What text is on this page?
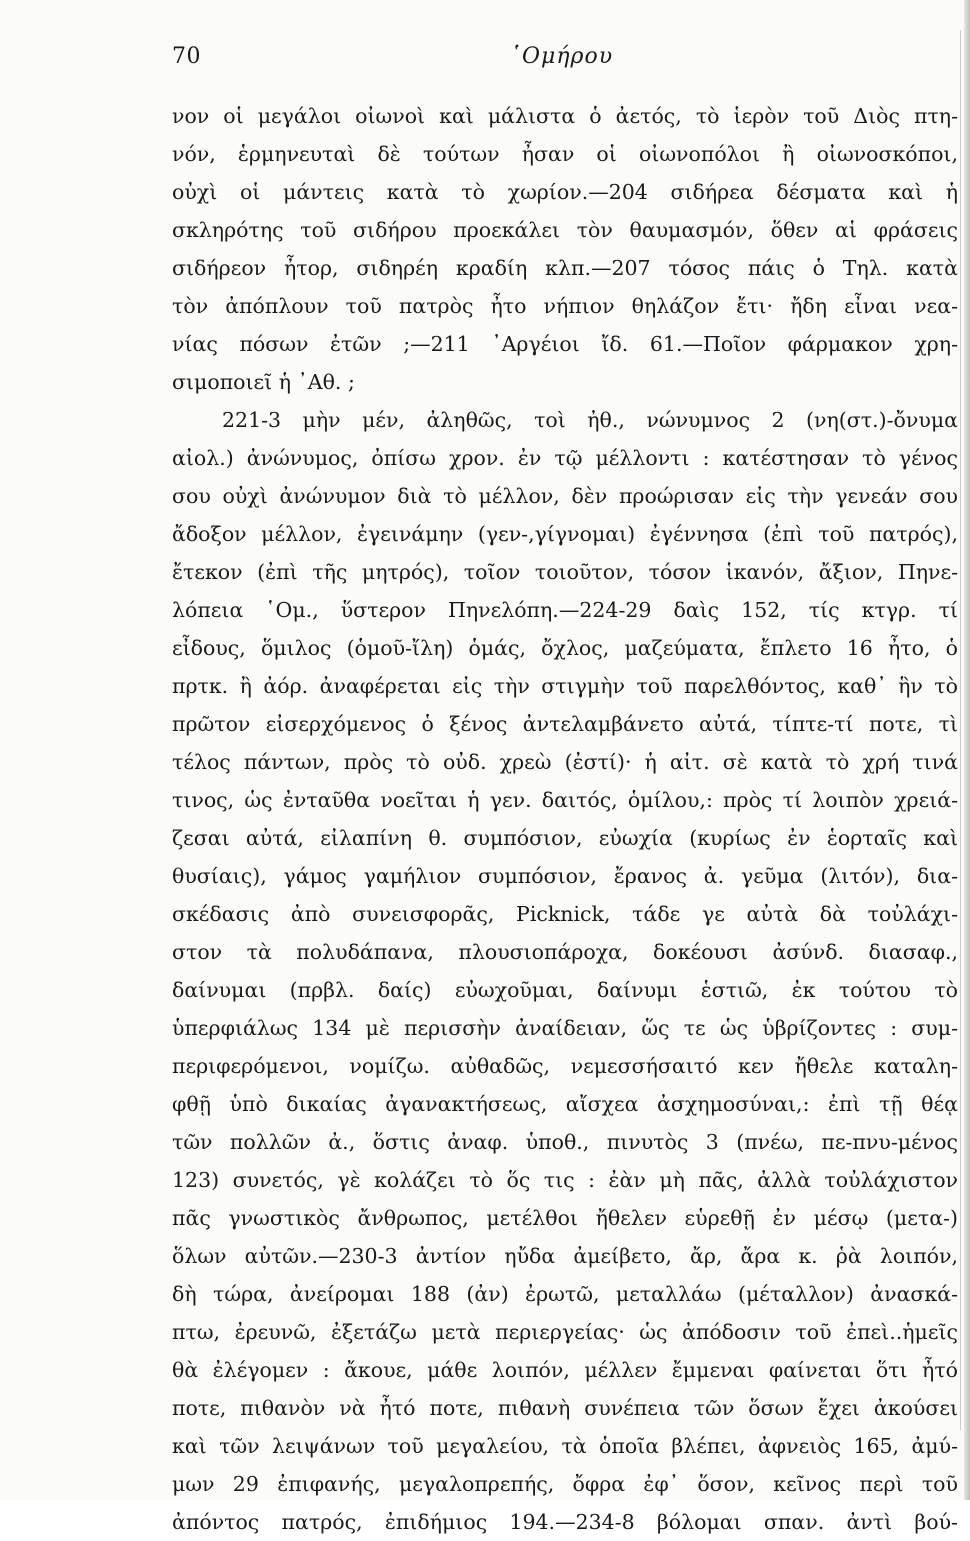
70	῾Ομήρου
νον οἱ μεγάλοι οἰωνοὶ καὶ μάλιστα ὁ ἀετός, τὸ ἱερὸν τοῦ Διὸς πτη-
νόν, ἑρμηνευταὶ δὲ τούτων ἦσαν οἱ οἰωνοπόλοι ἢ οἰωνοσκόποι,
οὐχὶ οἱ μάντεις κατὰ τὸ χωρίον.—204 σιδήρεα δέσματα καὶ ἡ
σκληρότης τοῦ σιδήρου προεκάλει τὸν θαυμασμόν, ὅθεν αἱ φράσεις
σιδήρεον ἦτορ, σιδηρέη κραδίη κλπ.—207 τόσος πάις ὁ Τηλ. κατὰ
τὸν ἀπόπλουν τοῦ πατρὸς ἦτο νήπιον θηλάζον ἔτι· ἤδη εἶναι νεα-
νίας πόσων ἐτῶν ;—211 ᾿Αργέιοι ἴδ. 61.—Ποῖον φάρμακον χρη-
σιμοποιεῖ ἡ ᾿Αθ. ;
221-3 μὴν μέν, ἀληθῶς, τοὶ ἠθ., νώνυμνος 2 (νη(στ.)-ὄνυμα
αἰολ.) ἀνώνυμος, ὀπίσω χρον. ἐν τῷ μέλλοντι : κατέστησαν τὸ γένος
σου οὐχὶ ἀνώνυμον διὰ τὸ μέλλον, δὲν προώρισαν εἰς τὴν γενεάν σου
ἄδοξον μέλλον, ἐγεινάμην (γεν-,γίγνομαι) ἐγέννησα (ἐπὶ τοῦ πατρός),
ἔτεκον (ἐπὶ τῆς μητρός), τοῖον τοιοῦτον, τόσον ἱκανόν, ἄξιον, Πηνε-
λόπεια ῾Ομ., ὕστερον Πηνελόπη.—224-29 δαὶς 152, τίς κτγρ. τί
εἶδους, ὅμιλος (ὁμοῦ-ἴλη) ὁμάς, ὄχλος, μαζεύματα, ἔπλετο 16 ἦτο, ὁ
πρτκ. ἢ ἀόρ. ἀναφέρεται εἰς τὴν στιγμὴν τοῦ παρελθόντος, καθ᾿ ἣν τὸ
πρῶτον εἰσερχόμενος ὁ ξένος ἀντελαμβάνετο αὐτά, τίπτε-τί ποτε, τὶ
τέλος πάντων, πρὸς τὸ οὐδ. χρεὼ (ἐστί)· ἡ αἰτ. σὲ κατὰ τὸ χρή τινά
τινος, ὡς ἐνταῦθα νοεῖται ἡ γεν. δαιτός, ὁμίλου,: πρὸς τί λοιπὸν χρειά-
ζεσαι αὐτά, εἰλαπίνη θ. συμπόσιον, εὐωχία (κυρίως ἐν ἑορταῖς καὶ
θυσίαις), γάμος γαμήλιον συμπόσιον, ἔρανος ἀ. γεῦμα (λιτόν), δια-
σκέδασις ἀπὸ συνεισφορᾶς, Picknick, τάδε γε αὐτὰ δὰ τοὐλάχι-
στον τὰ πολυδάπανα, πλουσιοπάροχα, δοκέουσι ἀσύνδ. διασαφ.,
δαίνυμαι (πρβλ. δαίς) εὐωχοῦμαι, δαίνυμι ἑστιῶ, ἐκ τούτου τὸ
ὑπερφιάλως 134 μὲ περισσὴν ἀναίδειαν, ὥς τε ὡς ὑβρίζοντες : συμ-
περιφερόμενοι, νομίζω. αὐθαδῶς, νεμεσσήσαιτό κεν ἤθελε καταλη-
φθῇ ὑπὸ δικαίας ἀγανακτήσεως, αἴσχεα ἀσχημοσύναι,: ἐπὶ τῇ θέᾳ
τῶν πολλῶν ἀ., ὅστις ἀναφ. ὑποθ., πινυτὸς 3 (πνέω, πε-πνυ-μένος
123) συνετός, γὲ κολάζει τὸ ὅς τις : ἐὰν μὴ πᾶς, ἀλλὰ τοὐλάχιστον
πᾶς γνωστικὸς ἄνθρωπος, μετέλθοι ἤθελεν εὑρεθῇ ἐν μέσῳ (μετα-)
ὅλων αὐτῶν.—230-3 ἀντίον ηὔδα ἀμείβετο, ἄρ, ἄρα κ. ῥὰ λοιπόν,
δὴ τώρα, ἀνείρομαι 188 (ἀν) ἐρωτῶ, μεταλλάω (μέταλλον) ἀνασκά-
πτω, ἐρευνῶ, ἐξετάζω μετὰ περιεργείας· ὡς ἀπόδοσιν τοῦ ἐπεὶ..ἡμεῖς
θὰ ἐλέγομεν : ἄκουε, μάθε λοιπόν, μέλλεν ἔμμεναι φαίνεται ὅτι ἦτό
ποτε, πιθανὸν νὰ ἦτό ποτε, πιθανὴ συνέπεια τῶν ὅσων ἔχει ἀκούσει
καὶ τῶν λειψάνων τοῦ μεγαλείου, τὰ ὁποῖα βλέπει, ἀφνειὸς 165, ἀμύ-
μων 29 ἐπιφανής, μεγαλοπρεπής, ὄφρα ἐφ᾿ ὅσον, κεῖνος περὶ τοῦ
ἀπόντος πατρός, ἐπιδήμιος 194.—234-8 βόλομαι σπαν. ἀντὶ βού-
